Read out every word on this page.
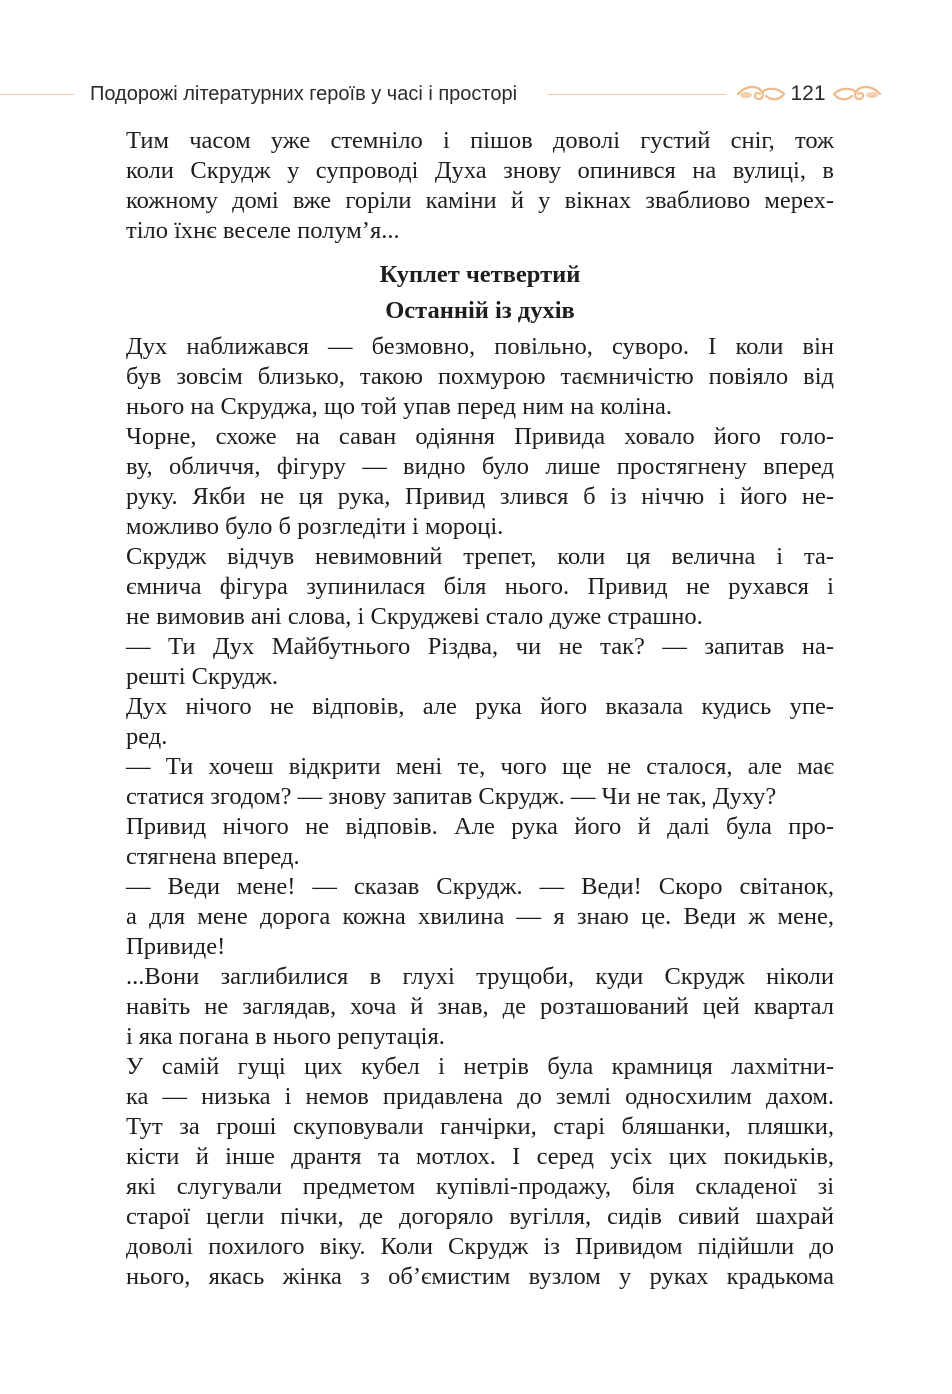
Подорожі літературних героїв у часі і просторі	121

Тим часом уже стемніло і пішов доволі густий сніг, тож
коли Скрудж у супроводі Духа знову опинився на вулиці, в
кожному домі вже горіли каміни й у вікнах зваблиово мерех-
тіло їхнє веселе полум’я...

Куплет четвертий
Останній із духів

Дух наближався — безмовно, повільно, суворо. І коли він
був зовсім близько, такою похмурою таємничістю повіяло від
нього на Скруджа, що той упав перед ним на коліна.

Чорне, схоже на саван одіяння Привида ховало його голо-
ву, обличчя, фігуру — видно було лише простягнену вперед
руку. Якби не ця рука, Привид злився б із ніччю і його не-
можливо було б розгледіти і мороці.

Скрудж відчув невимовний трепет, коли ця велична і та-
ємнича фігура зупинилася біля нього. Привид не рухався і
не вимовив ані слова, і Скруджеві стало дуже страшно.

— Ти Дух Майбутнього Різдва, чи не так? — запитав на-
решті Скрудж.

Дух нічого не відповів, але рука його вказала кудись упе-
ред.

— Ти хочеш відкрити мені те, чого ще не сталося, але має
статися згодом? — знову запитав Скрудж. — Чи не так, Духу?

Привид нічого не відповів. Але рука його й далі була про-
стягнена вперед.

— Веди мене! — сказав Скрудж. — Веди! Скоро світанок,
а для мене дорога кожна хвилина — я знаю це. Веди ж мене,
Привиде!

...Вони заглибилися в глухі трущоби, куди Скрудж ніколи
навіть не заглядав, хоча й знав, де розташований цей квартал
і яка погана в нього репутація.

У самій гущі цих кубел і нетрів була крамниця лахмітни-
ка — низька і немов придавлена до землі односхилим дахом.
Тут за гроші скуповували ганчірки, старі бляшанки, пляшки,
кісти й інше дрантя та мотлох. І серед усіх цих покидьків,
які слугували предметом купівлі-продажу, біля складеної зі
старої цегли пічки, де догоряло вугілля, сидів сивий шахрай
доволі похилого віку. Коли Скрудж із Привидом підійшли до
нього, якась жінка з об’ємистим вузлом у руках крадькома
